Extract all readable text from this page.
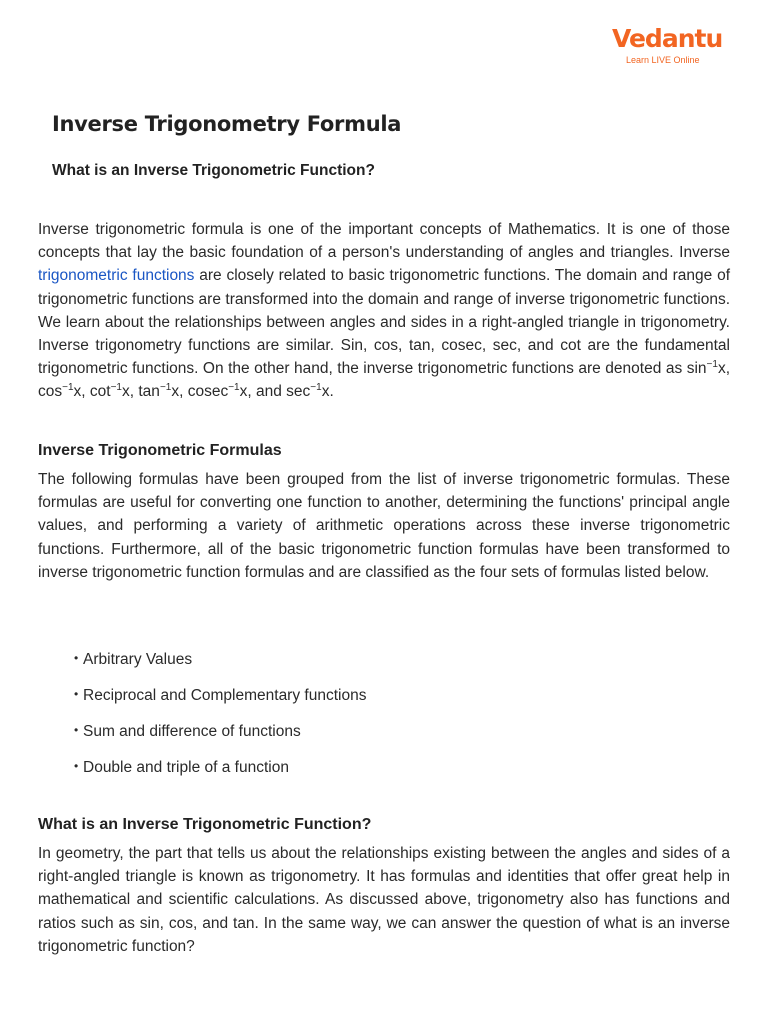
Vedantu
Learn LIVE Online
Inverse Trigonometry Formula
What is an Inverse Trigonometric Function?

Inverse trigonometric formula is one of the important concepts of Mathematics. It is one of those concepts that lay the basic foundation of a person's understanding of angles and triangles. Inverse trigonometric functions are closely related to basic trigonometric functions. The domain and range of trigonometric functions are transformed into the domain and range of inverse trigonometric functions. We learn about the relationships between angles and sides in a right-angled triangle in trigonometry. Inverse trigonometry functions are similar. Sin, cos, tan, cosec, sec, and cot are the fundamental trigonometric functions. On the other hand, the inverse trigonometric functions are denoted as $\sin^{-1}x$, $\cos^{-1}x$, $\cot^{-1}x$, $\tan^{-1}x$, cosec$^{-1}$x, and $\sec^{-1}x$.

Inverse Trigonometric Formulas

The following formulas have been grouped from the list of inverse trigonometric formulas. These formulas are useful for converting one function to another, determining the functions' principal angle values, and performing a variety of arithmetic operations across these inverse trigonometric functions. Furthermore, all of the basic trigonometric function formulas have been transformed to inverse trigonometric function formulas and are classified as the four sets of formulas listed below.

• Arbitrary Values
• Reciprocal and Complementary functions
• Sum and difference of functions
• Double and triple of a function
What is an Inverse Trigonometric Function?

In geometry, the part that tells us about the relationships existing between the angles and sides of a right-angled triangle is known as trigonometry. It has formulas and identities that offer great help in mathematical and scientific calculations. As discussed above, trigonometry also has functions and ratios such as sin, cos, and tan. In the same way, we can answer the question of what is an inverse trigonometric function?
